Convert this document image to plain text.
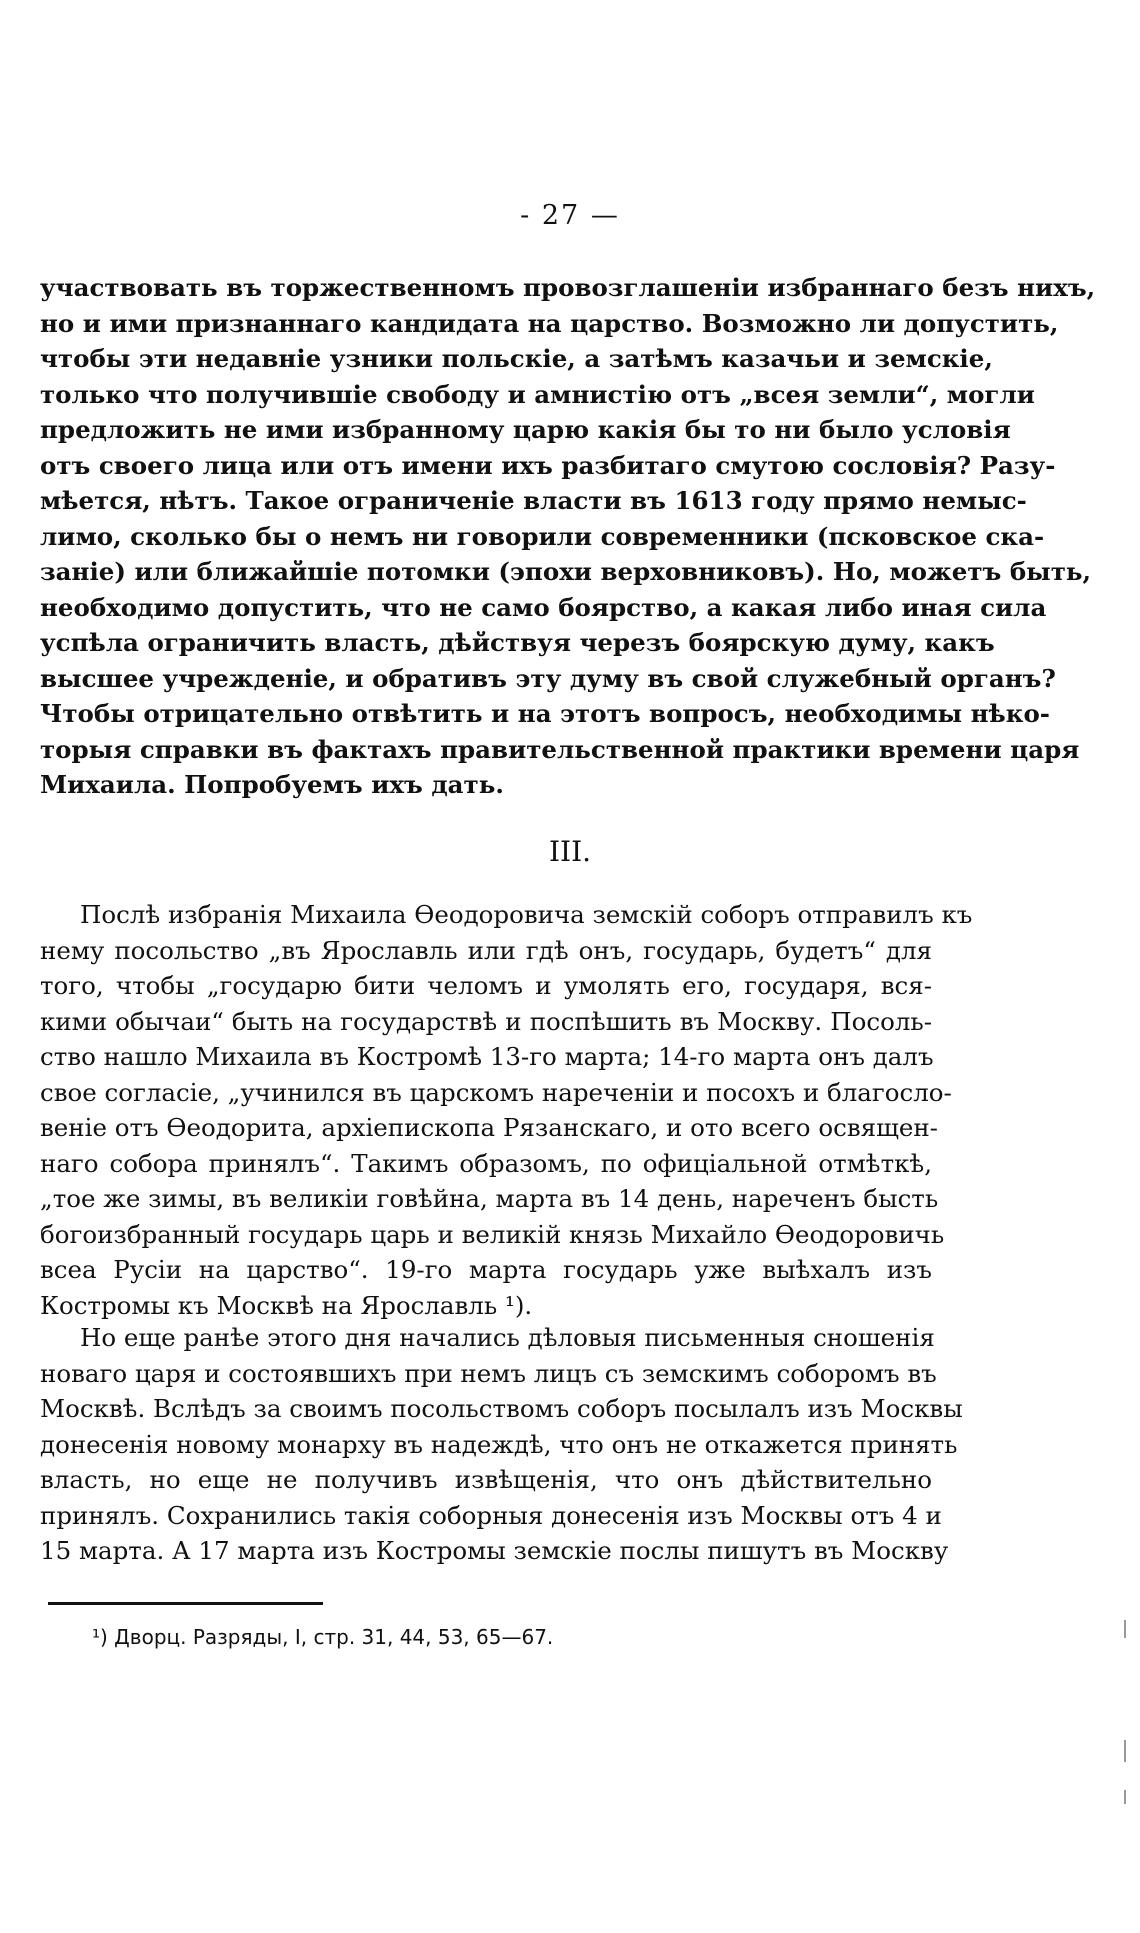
- 27 —
участвовать въ торжественномъ провозглашеніи избраннаго безъ нихъ,
но и ими признаннаго кандидата на царство. Возможно ли допустить,
чтобы эти недавніе узники польскіе, а затѣмъ казачьи и земскіе,
только что получившіе свободу и амнистію отъ „всея земли“, могли
предложить не ими избранному царю какія бы то ни было условія
отъ своего лица или отъ имени ихъ разбитаго смутою сословія? Разу-
мѣется, нѣтъ. Такое ограниченіе власти въ 1613 году прямо немыс-
лимо, сколько бы о немъ ни говорили современники (псковское ска-
заніе) или ближайшіе потомки (эпохи верховниковъ). Но, можетъ быть,
необходимо допустить, что не само боярство, а какая либо иная сила
успѣла ограничить власть, дѣйствуя черезъ боярскую думу, какъ
высшее учрежденіе, и обративъ эту думу въ свой служебный органъ?
Чтобы отрицательно отвѣтить и на этотъ вопросъ, необходимы нѣко-
торыя справки въ фактахъ правительственной практики времени царя
Михаила. Попробуемъ ихъ дать.
III.
Послѣ избранія Михаила Ѳеодоровича земскій соборъ отправилъ къ
нему посольство „въ Ярославль или гдѣ онъ, государь, будетъ“ для
того, чтобы „государю бити челомъ и умолять его, государя, вся-
кими обычаи“ быть на государствѣ и поспѣшить въ Москву. Посоль-
ство нашло Михаила въ Костромѣ 13-го марта; 14-го марта онъ далъ
свое согласіе, „учинился въ царскомъ нареченіи и посохъ и благосло-
веніе отъ Ѳеодорита, архіепископа Рязанскаго, и ото всего освящен-
наго собора принялъ“. Такимъ образомъ, по офиціальной отмѣткѣ,
„тое же зимы, въ великіи говѣйна, марта въ 14 день, нареченъ бысть
богоизбранный государь царь и великій князь Михайло Ѳеодоровичь
всеа Русіи на царство“. 19-го марта государь уже выѣхалъ изъ
Костромы къ Москвѣ на Ярославль ¹).
Но еще ранѣе этого дня начались дѣловыя письменныя сношенія
новаго царя и состоявшихъ при немъ лицъ съ земскимъ соборомъ въ
Москвѣ. Вслѣдъ за своимъ посольствомъ соборъ посылалъ изъ Москвы
донесенія новому монарху въ надеждѣ, что онъ не откажется принять
власть, но еще не получивъ извѣщенія, что онъ дѣйствительно
принялъ. Сохранились такія соборныя донесенія изъ Москвы отъ 4 и
15 марта. А 17 марта изъ Костромы земскіе послы пишутъ въ Москву
¹) Дворц. Разряды, I, стр. 31, 44, 53, 65—67.
